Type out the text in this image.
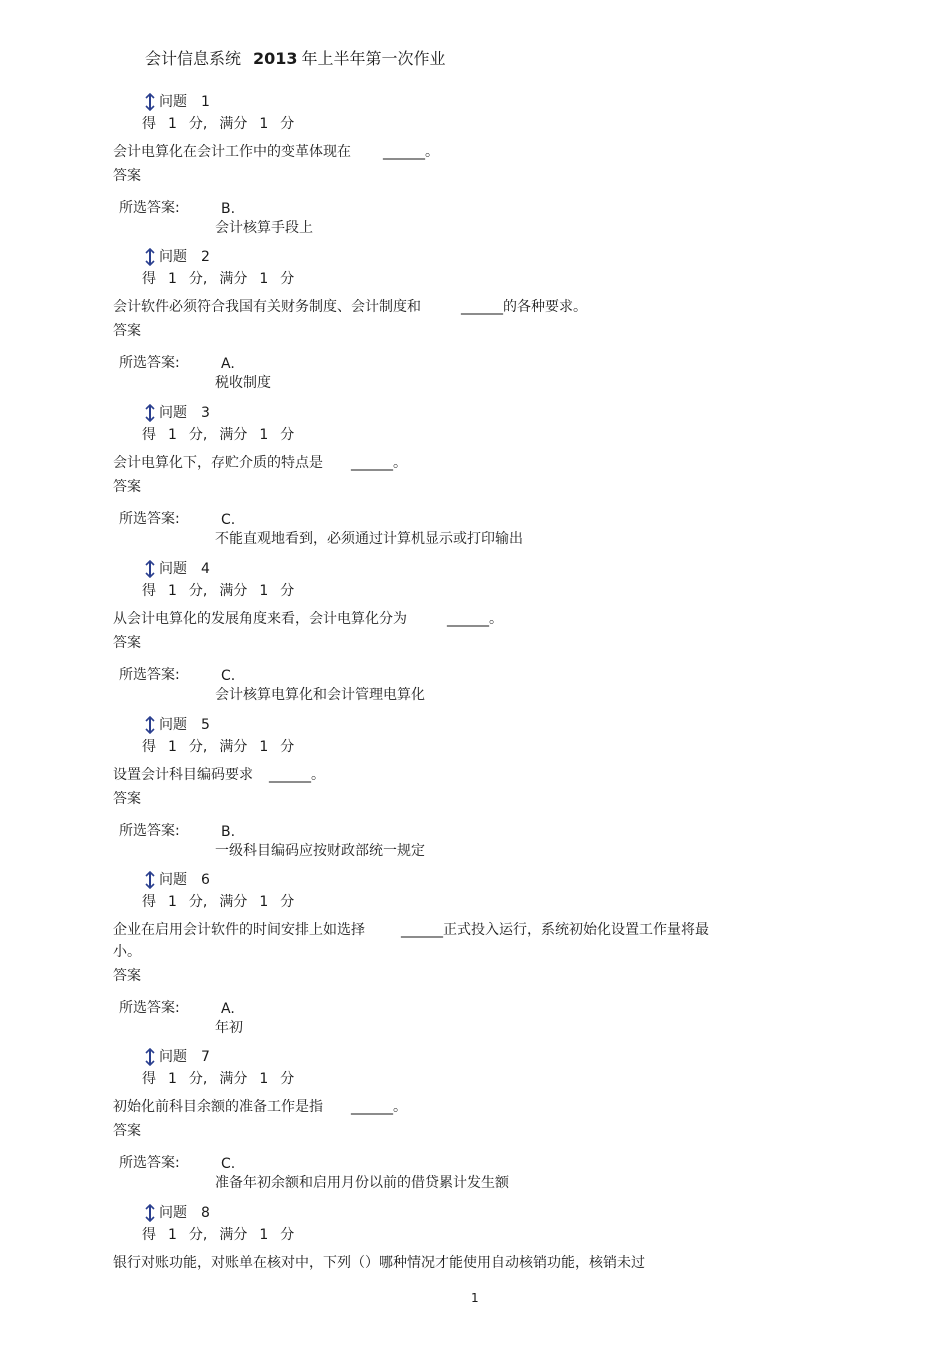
会计信息系统 2013 年上半年第一次作业
问题 1
得 1 分, 满分 1 分
会计电算化在会计工作中的变革体现在 ______。
答案
所选答案:	B.
会计核算手段上
问题 2
得 1 分, 满分 1 分
会计软件必须符合我国有关财务制度、会计制度和	______的各种要求。
答案
所选答案:	A.
税收制度
问题 3
得 1 分, 满分 1 分
会计电算化下，存贮介质的特点是 ______。
答案
所选答案:	C.
不能直观地看到，必须通过计算机显示或打印输出
问题 4
得 1 分, 满分 1 分
从会计电算化的发展角度来看，会计电算化分为	______。
答案
所选答案:	C.
会计核算电算化和会计管理电算化
问题 5
得 1 分, 满分 1 分
设置会计科目编码要求 ______。
答案
所选答案:	B.
一级科目编码应按财政部统一规定
问题 6
得 1 分, 满分 1 分
企业在启用会计软件的时间安排上如选择	______正式投入运行，系统初始化设置工作量将最小。
答案
所选答案:	A.
年初
问题 7
得 1 分, 满分 1 分
初始化前科目余额的准备工作是指 ______。
答案
所选答案:	C.
准备年初余额和启用月份以前的借贷累计发生额
问题 8
得 1 分, 满分 1 分
银行对账功能，对账单在核对中，下列（）哪种情况才能使用自动核销功能，核销未过
1
